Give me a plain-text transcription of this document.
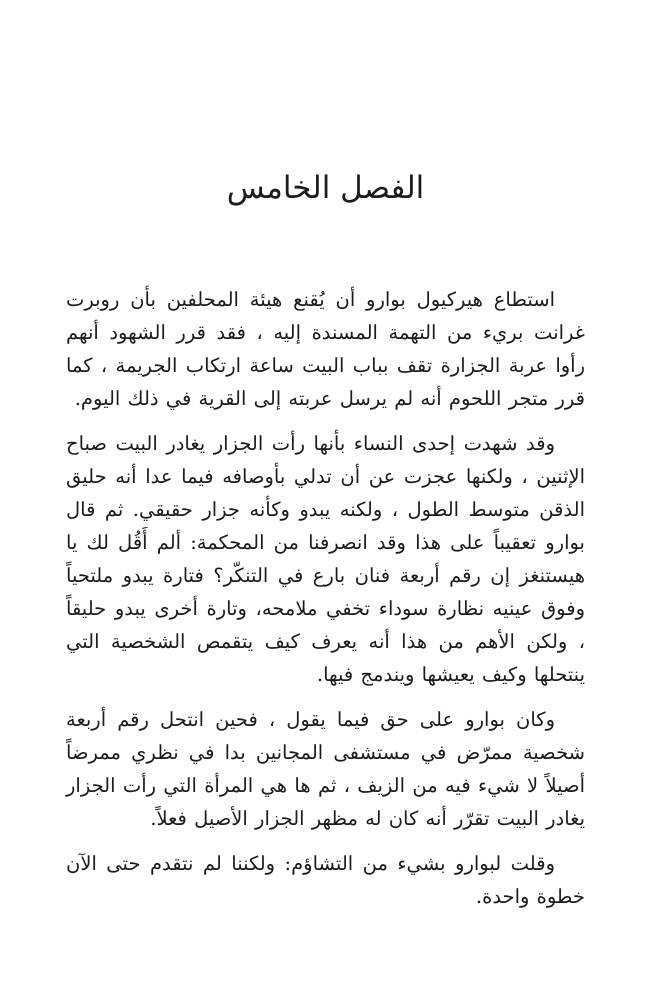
الفصل الخامس

استطاع هيركيول بوارو أن يُقنع هيئة المحلفين بأن روبرت غرانت بريء من التهمة المسندة إليه ، فقد قرر الشهود أنهم رأوا عربة الجزارة تقف بباب البيت ساعة ارتكاب الجريمة ، كما قرر متجر اللحوم أنه لم يرسل عربته إلى القرية في ذلك اليوم.

وقد شهدت إحدى النساء بأنها رأت الجزار يغادر البيت صباح الإثنين ، ولكنها عجزت عن أن تدلي بأوصافه فيما عدا أنه حليق الذقن متوسط الطول ، ولكنه يبدو وكأنه جزار حقيقي. ثم قال بوارو تعقيباً على هذا وقد انصرفنا من المحكمة: ألم أَقُل لك يا هيستنغز إن رقم أربعة فنان بارع في التنكّر؟ فتارة يبدو ملتحياً وفوق عينيه نظارة سوداء تخفي ملامحه، وتارة أخرى يبدو حليقاً ، ولكن الأهم من هذا أنه يعرف كيف يتقمص الشخصية التي ينتحلها وكيف يعيشها ويندمج فيها.

وكان بوارو على حق فيما يقول ، فحين انتحل رقم أربعة شخصية ممرّض في مستشفى المجانين بدا في نظري ممرضاً أصيلاً لا شيء فيه من الزيف ، ثم ها هي المرأة التي رأت الجزار يغادر البيت تقرّر أنه كان له مظهر الجزار الأصيل فعلاً.

وقلت لبوارو بشيء من التشاؤم: ولكننا لم نتقدم حتى الآن خطوة واحدة.
